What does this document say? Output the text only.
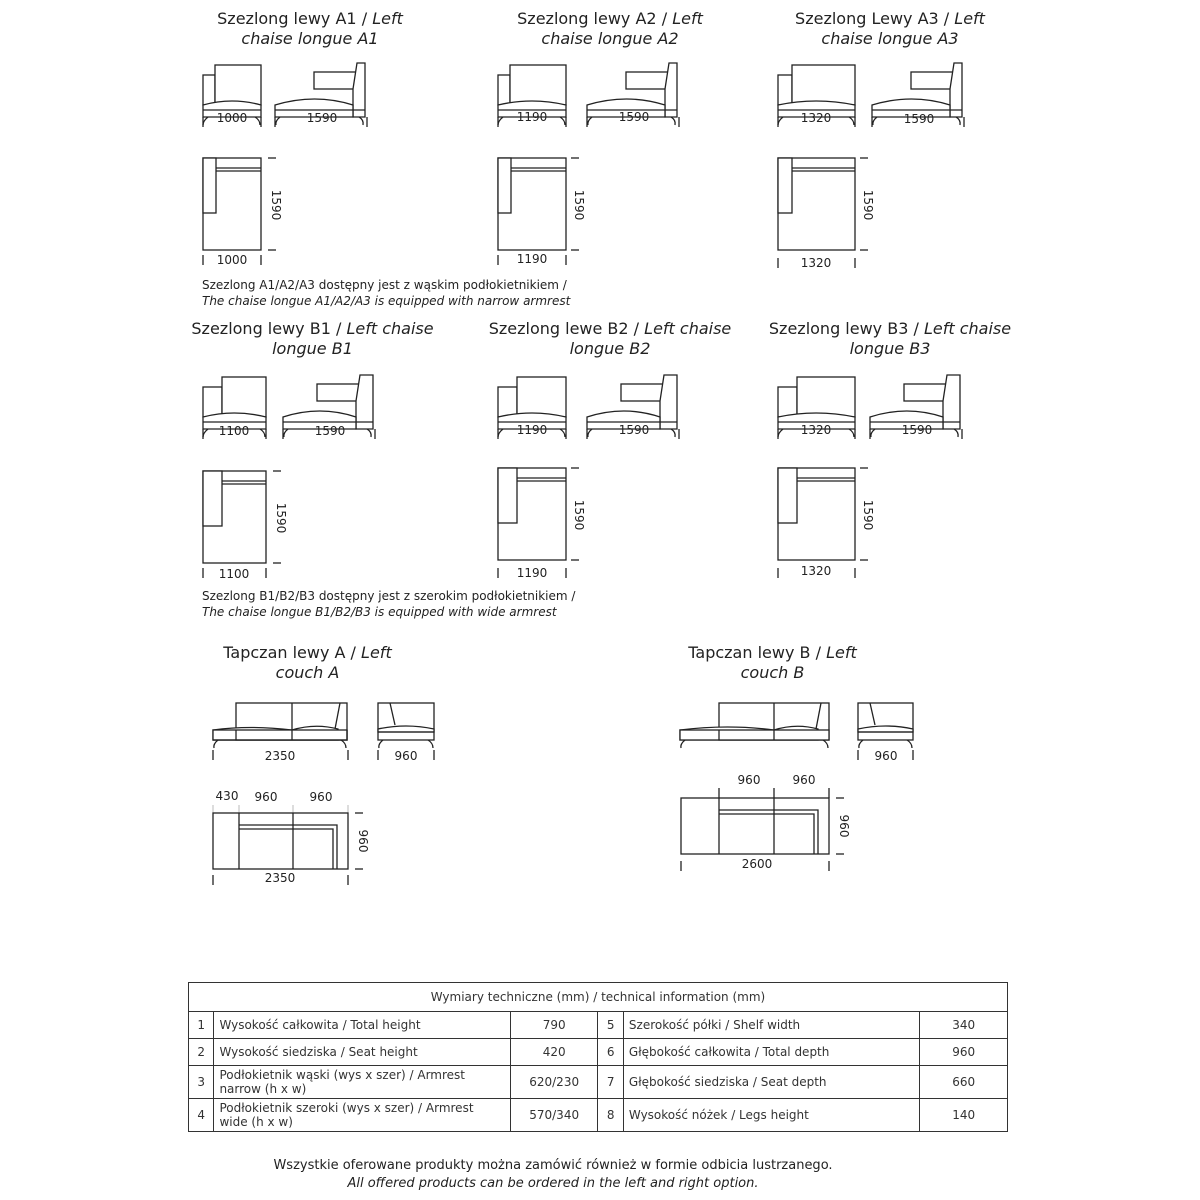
Szezlong lewy A1 / Left
chaise longue A1
Szezlong lewy A2 / Left
chaise longue A2
Szezlong Lewy A3 / Left
chaise longue A3
1000	1590
1590
1000
1190	1590
1590
1190
1320	1590
1590
1320
Szezlong A1/A2/A3 dostępny jest z wąskim podłokietnikiem /
The chaise longue A1/A2/A3 is equipped with narrow armrest
Szezlong lewy B1 / Left chaise
longue B1
Szezlong lewe B2 / Left chaise
longue B2
Szezlong lewy B3 / Left chaise
longue B3
1100	1590
1590
1100
1190	1590
1590
1190
1320	1590
1590
1320
Szezlong B1/B2/B3 dostępny jest z szerokim podłokietnikiem /
The chaise longue B1/B2/B3 is equipped with wide armrest
Tapczan lewy A / Left
couch A
2350	960
430 960	960
960
2350
Tapczan lewy B / Left
couch B
960
960	960
960
2600
Wymiary techniczne (mm) / technical information (mm)					
1	Wysokość całkowita / Total height	790	5	Szerokość półki / Shelf width	340
2	Wysokość siedziska / Seat height	420	6	Głębokość całkowita / Total depth	960
3	Podłokietnik wąski (wys x szer) / Armrest narrow (h x w)	620/230	7	Głębokość siedziska / Seat depth	660
4	Podłokietnik szeroki (wys x szer) / Armrest wide (h x w)	570/340	8	Wysokość nóżek / Legs height	140
Wszystkie oferowane produkty można zamówić również w formie odbicia lustrzanego.
All offered products can be ordered in the left and right option.
